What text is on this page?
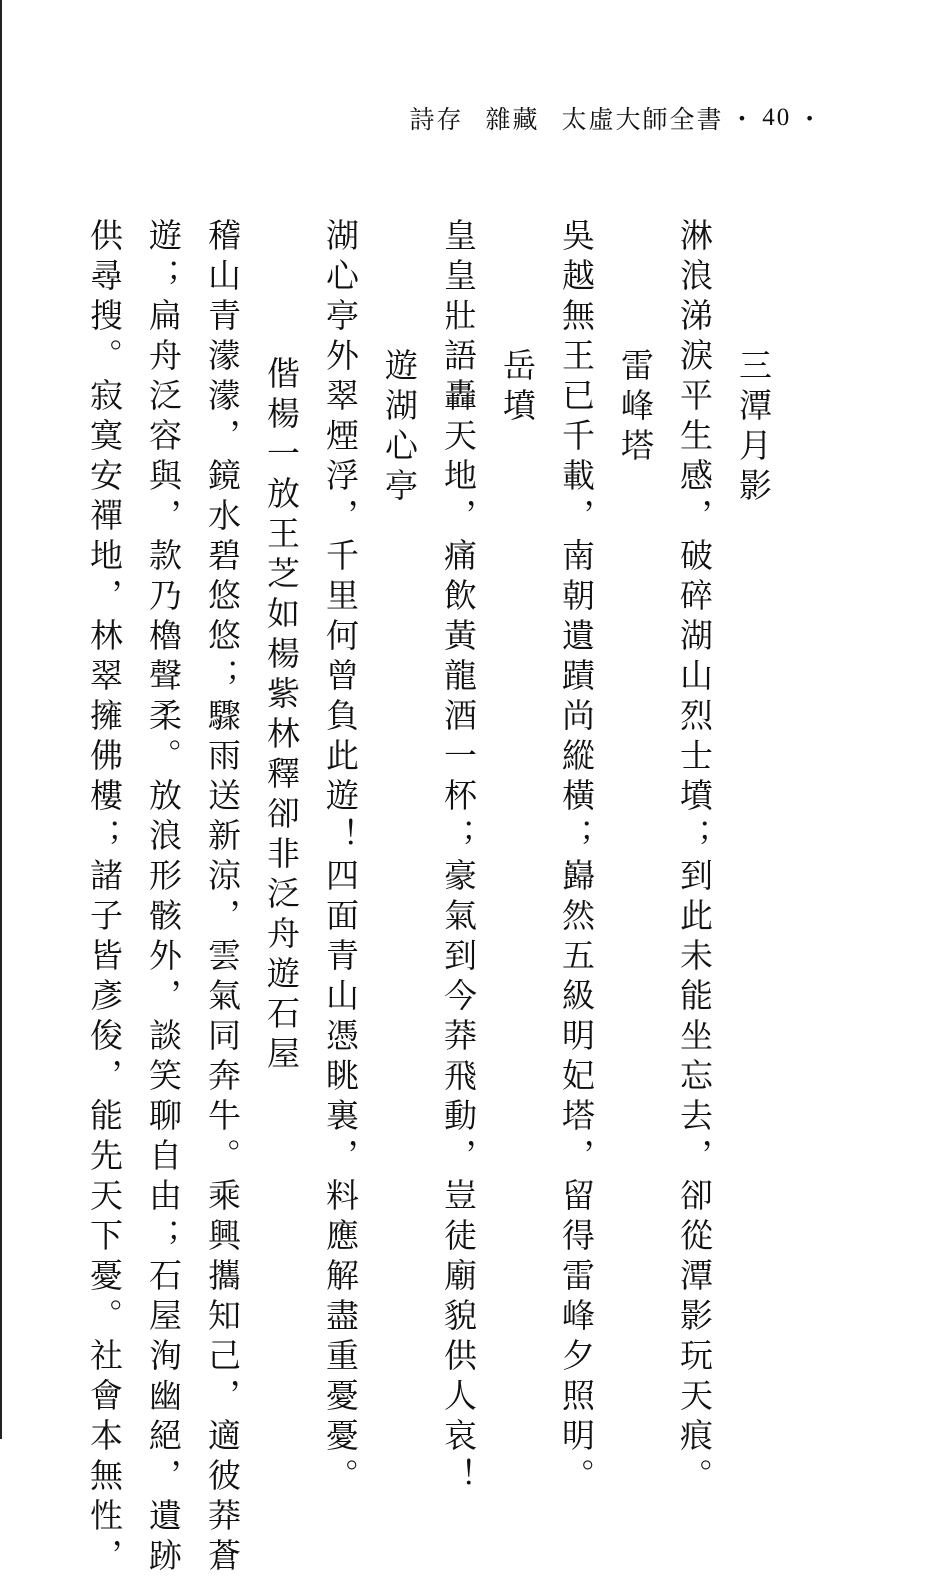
詩存 雜藏 太虛大師全書 · 40 ·
三潭月影
淋浪涕淚平生感，破碎湖山烈士墳；到此未能坐忘去，卻從潭影玩天痕。
雷峰塔
吳越無王已千載，南朝遺蹟尚縱橫；巋然五級明妃塔，留得雷峰夕照明。
岳墳
皇皇壯語轟天地，痛飲黃龍酒一杯；豪氣到今莽飛動，豈徒廟貌供人哀！
遊湖心亭
湖心亭外翠煙浮，千里何曾負此遊！四面青山憑眺裏，料應解盡重憂憂。
偕楊一放王芝如楊紫林釋卻非泛舟遊石屋
稽山青濛濛，鏡水碧悠悠；驟雨送新涼，雲氣同奔牛。乘興攜知己，適彼莽蒼
遊；扁舟泛容與，款乃櫓聲柔。放浪形骸外，談笑聊自由；石屋洵幽絕，遺跡
供尋搜。寂寞安禪地，林翠擁佛樓；諸子皆彥俊，能先天下憂。社會本無性，
